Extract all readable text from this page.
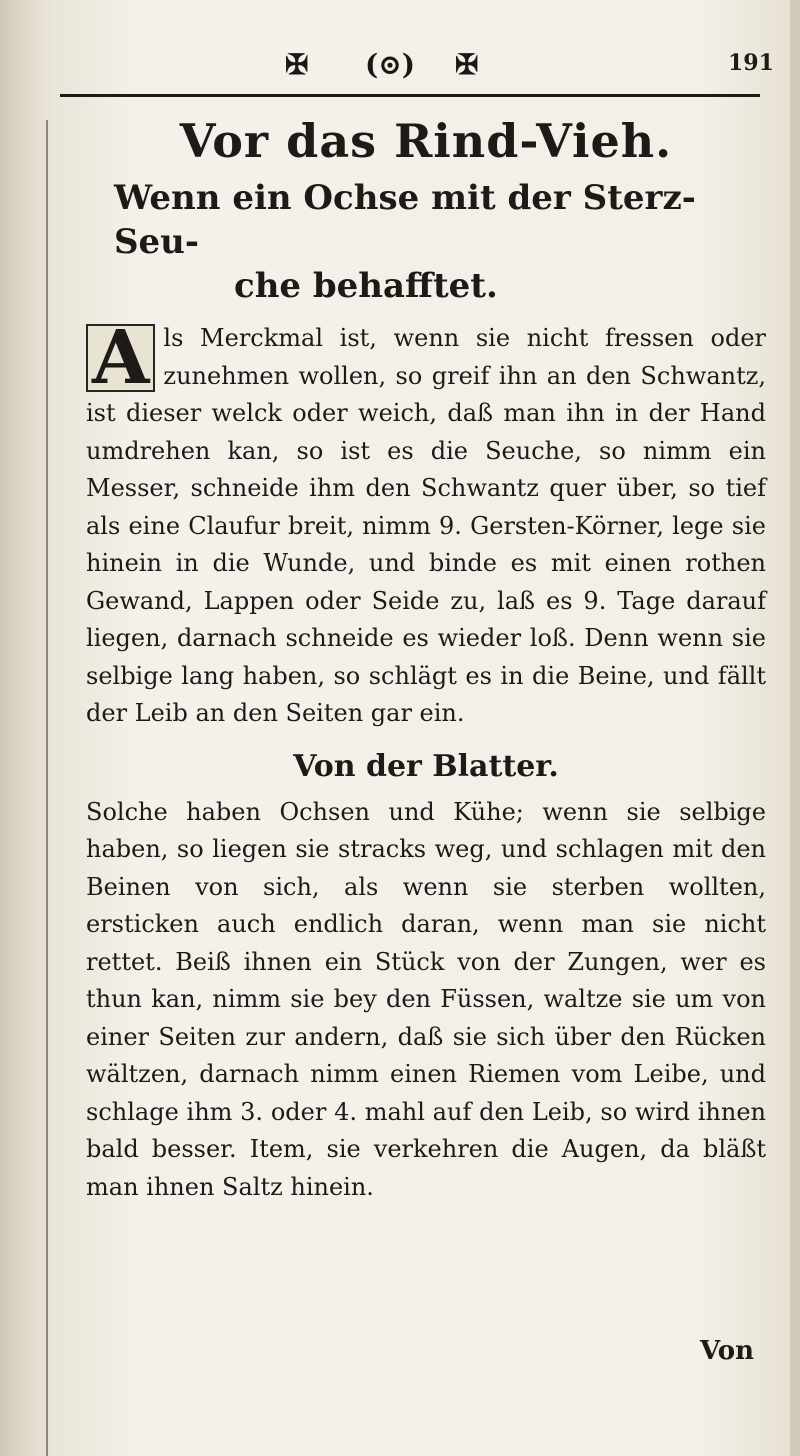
✠ (⊙) ✠	191
Vor das Rind-Vieh.
Wenn ein Ochse mit der Sterz-Seu-
che behafftet.

A ls Merckmal ist, wenn sie nicht fressen oder zunehmen wollen, so greif ihn an den Schwantz, ist dieser welck oder weich, daß man ihn in der Hand umdrehen kan, so ist es die Seuche, so nimm ein Messer, schneide ihm den Schwantz quer über, so tief als eine Claufur breit, nimm 9. Gersten-Körner, lege sie hinein in die Wunde, und binde es mit einen rothen Gewand, Lappen oder Seide zu, laß es 9. Tage darauf liegen, darnach schneide es wieder loß. Denn wenn sie selbige lang haben, so schlägt es in die Beine, und fällt der Leib an den Seiten gar ein.

Von der Blatter.

Solche haben Ochsen und Kühe; wenn sie selbige haben, so liegen sie stracks weg, und schlagen mit den Beinen von sich, als wenn sie sterben wollten, ersticken auch endlich daran, wenn man sie nicht rettet. Beiß ihnen ein Stück von der Zungen, wer es thun kan, nimm sie bey den Füssen, waltze sie um von einer Seiten zur andern, daß sie sich über den Rücken wältzen, darnach nimm einen Riemen vom Leibe, und schlage ihm 3. oder 4. mahl auf den Leib, so wird ihnen bald besser. Item, sie verkehren die Augen, da bläßt man ihnen Saltz hinein.

Von
